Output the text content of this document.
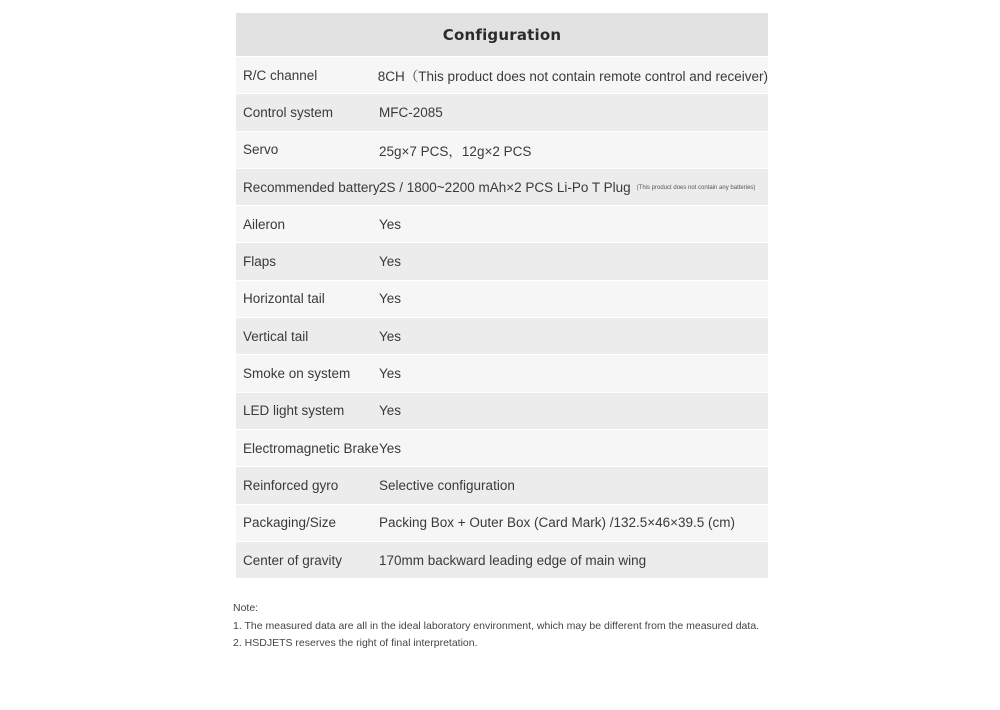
Configuration
R/C channel	8CH（This product does not contain remote control and receiver)
Control system	MFC-2085
Servo	25g×7 PCS，12g×2 PCS
Recommended battery 2S / 1800~2200 mAh×2 PCS Li-Po T Plug (This product does not contain any batteries)
Aileron	Yes
Flaps	Yes
Horizontal tail	Yes
Vertical tail	Yes
Smoke on system	Yes
LED light system	Yes
Electromagnetic Brake Yes
Reinforced gyro	Selective configuration
Packaging/Size	Packing Box + Outer Box (Card Mark) /132.5×46×39.5 (cm)
Center of gravity	170mm backward leading edge of main wing
Note:
1. The measured data are all in the ideal laboratory environment, which may be different from the measured data.
2. HSDJETS reserves the right of final interpretation.
